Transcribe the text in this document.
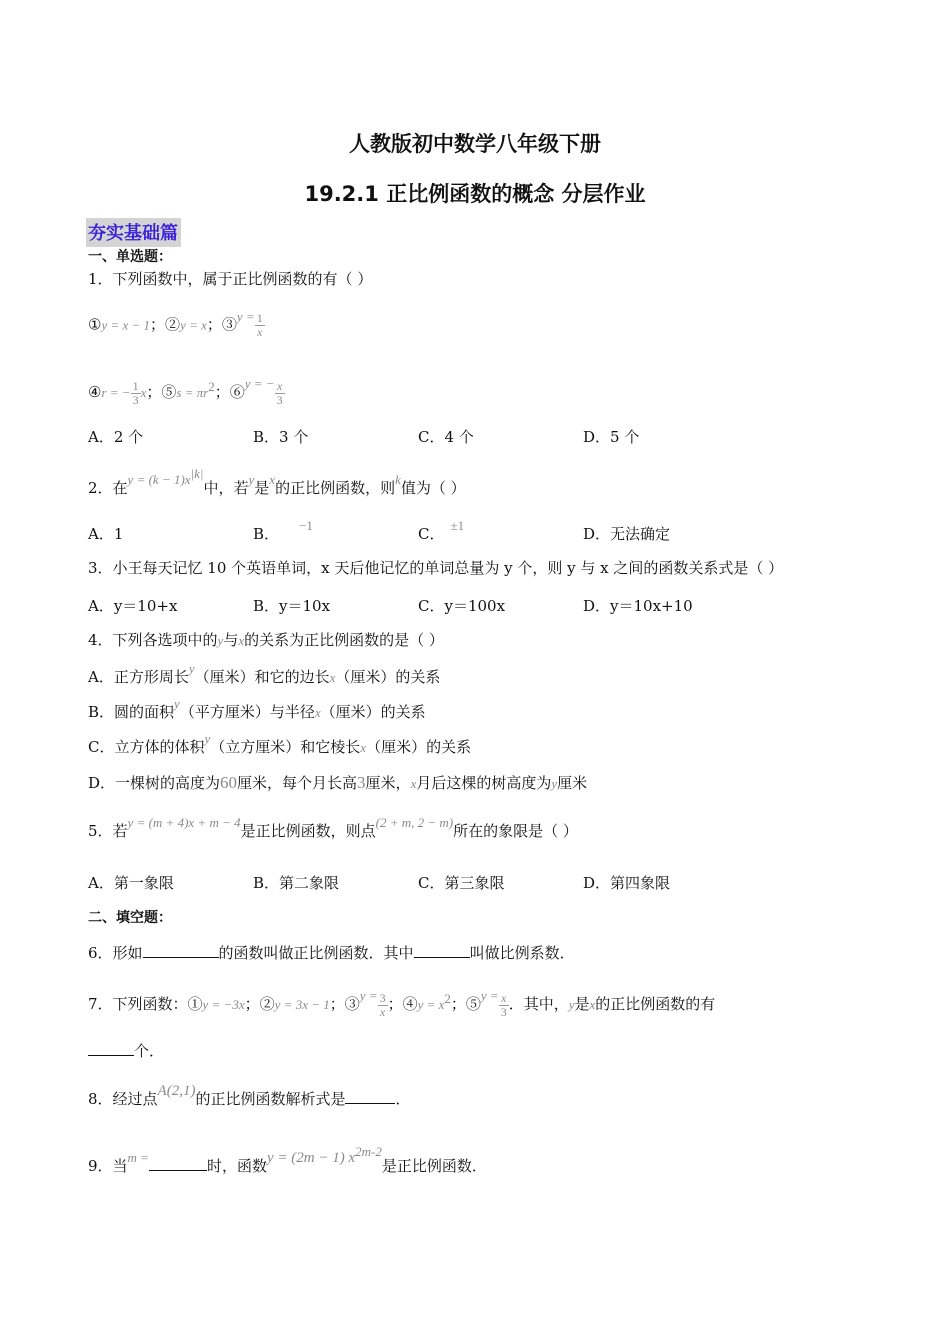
人教版初中数学八年级下册
19.2.1 正比例函数的概念 分层作业
夯实基础篇
一、单选题：
1．下列函数中，属于正比例函数的有（ ）
①y = x − 1；②y = x；③y = $\frac{1}{x}$
④r = − $\frac{1}{3}$ x；⑤s = $\pi r^2$；⑥y = − $\frac{x}{3}$
A．2 个	B．3 个	C．4 个	D．5 个
2．在$y = (k - 1)x^{|k|}$中，若y是x的正比例函数，则k值为（ ）
A．1	B． −1	C． ±1	D．无法确定
3．小王每天记忆 10 个英语单词，x 天后他记忆的单词总量为 y 个，则 y 与 x 之间的函数关系式是（ ）
A．y＝10+x	B．y＝10x	C．y＝100x	D．y＝10x+10
4．下列各选项中的y与x的关系为正比例函数的是（ ）
A．正方形周长y（厘米）和它的边长x（厘米）的关系
B．圆的面积y（平方厘米）与半径x（厘米）的关系
C．立方体的体积y（立方厘米）和它棱长x（厘米）的关系
D．一棵树的高度为60厘米，每个月长高3厘米，x月后这棵的树高度为y厘米
5．若y = (m + 4)x + m − 4是正比例函数，则点(2 + m, 2 − m)所在的象限是（ ）
A．第一象限	B．第二象限	C．第三象限	D．第四象限
二、填空题：
6．形如	的函数叫做正比例函数．其中	叫做比例系数．
7．下列函数：①y = −3x；②y = 3x − 1；③y = $\frac{3}{x}$ ；④y = $x^2$；⑤y = $\frac{x}{3}$ ．其中，y是x的正比例函数的有
个．
8．经过点A(2,1)的正比例函数解析式是	．
9．当m =	时，函数y = (2m − 1) $x^{2m-2}$是正比例函数．
